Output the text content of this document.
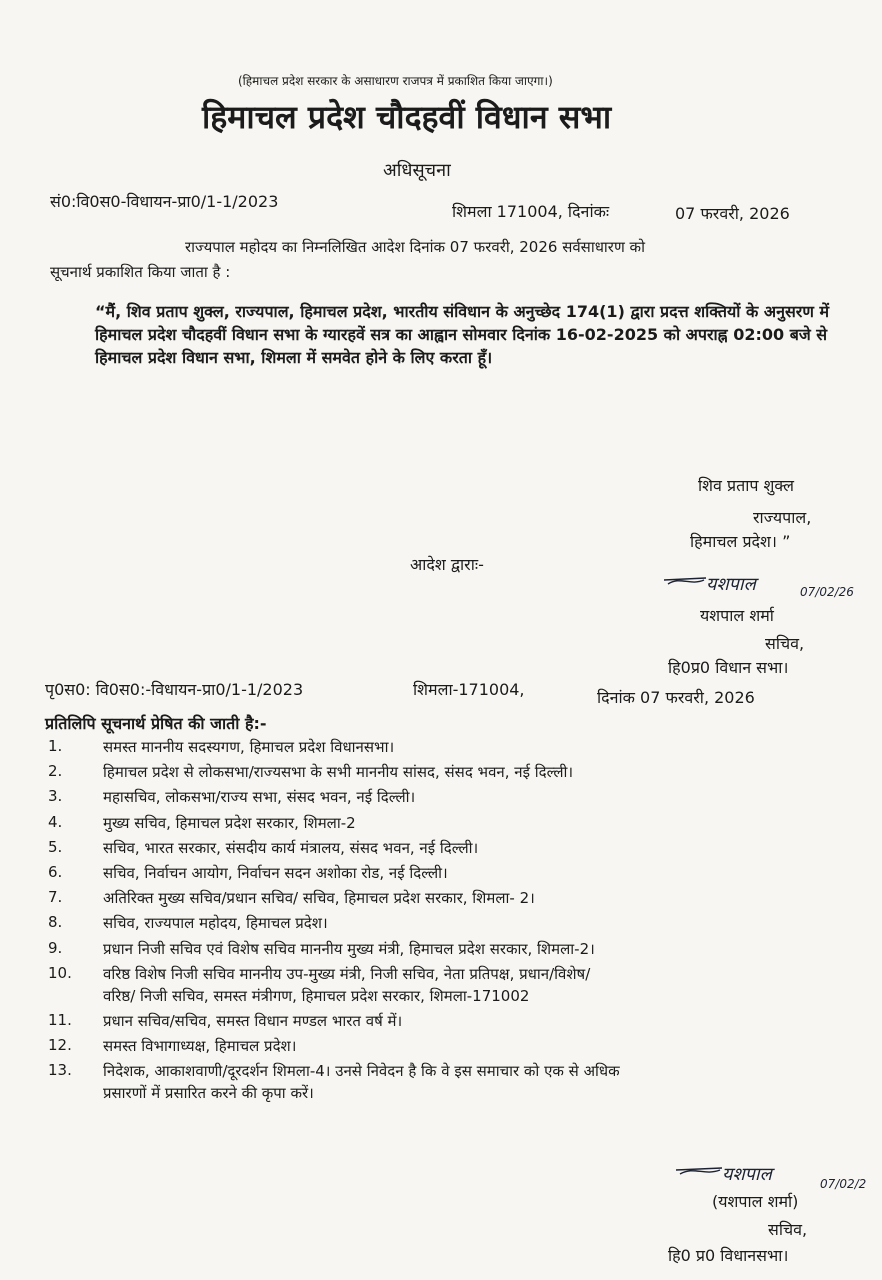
(हिमाचल प्रदेश सरकार के असाधारण राजपत्र में प्रकाशित किया जाएगा।)
हिमाचल प्रदेश चौदहवीं विधान सभा
अधिसूचना
सं0:वि0स0-विधायन-प्रा0/1-1/2023
शिमला 171004, दिनांकः	07 फरवरी, 2026
राज्यपाल महोदय का निम्नलिखित आदेश दिनांक 07 फरवरी, 2026 सर्वसाधारण को
सूचनार्थ प्रकाशित किया जाता है :

“मैं, शिव प्रताप शुक्ल, राज्यपाल, हिमाचल प्रदेश, भारतीय संविधान के अनुच्छेद 174(1) द्वारा प्रदत्त शक्तियों के अनुसरण में हिमाचल प्रदेश चौदहवीं विधान सभा के ग्यारहवें सत्र का आह्वान सोमवार दिनांक 16-02-2025 को अपराह्न 02:00 बजे से हिमाचल प्रदेश विधान सभा, शिमला में समवेत होने के लिए करता हूँ।

शिव प्रताप शुक्ल
राज्यपाल,
हिमाचल प्रदेश। ”
आदेश द्वाराः-
यशपाल	07/02/26
यशपाल शर्मा
सचिव,
हि0प्र0 विधान सभा।
पृ0स0: वि0स0:-विधायन-प्रा0/1-1/2023	शिमला-171004,	दिनांक 07 फरवरी, 2026
प्रतिलिपि सूचनार्थ प्रेषित की जाती है:-
1.	समस्त माननीय सदस्यगण, हिमाचल प्रदेश विधानसभा।
2.	हिमाचल प्रदेश से लोकसभा/राज्यसभा के सभी माननीय सांसद, संसद भवन, नई दिल्ली।
3.	महासचिव, लोकसभा/राज्य सभा, संसद भवन, नई दिल्ली।
4.	मुख्य सचिव, हिमाचल प्रदेश सरकार, शिमला-2
5.	सचिव, भारत सरकार, संसदीय कार्य मंत्रालय, संसद भवन, नई दिल्ली।
6.	सचिव, निर्वाचन आयोग, निर्वाचन सदन अशोका रोड, नई दिल्ली।
7.	अतिरिक्त मुख्य सचिव/प्रधान सचिव/ सचिव, हिमाचल प्रदेश सरकार, शिमला- 2।
8.	सचिव, राज्यपाल महोदय, हिमाचल प्रदेश।
9.	प्रधान निजी सचिव एवं विशेष सचिव माननीय मुख्य मंत्री, हिमाचल प्रदेश सरकार, शिमला-2।
10. वरिष्ठ विशेष निजी सचिव माननीय उप-मुख्य मंत्री, निजी सचिव, नेता प्रतिपक्ष, प्रधान/विशेष/
वरिष्ठ/ निजी सचिव, समस्त मंत्रीगण, हिमाचल प्रदेश सरकार, शिमला-171002
11. प्रधान सचिव/सचिव, समस्त विधान मण्डल भारत वर्ष में।
12. समस्त विभागाध्यक्ष, हिमाचल प्रदेश।
13. निदेशक, आकाशवाणी/दूरदर्शन शिमला-4। उनसे निवेदन है कि वे इस समाचार को एक से अधिक
प्रसारणों में प्रसारित करने की कृपा करें।
यशपाल	07/02/2
(यशपाल शर्मा)
सचिव,
हि0 प्र0 विधानसभा।
